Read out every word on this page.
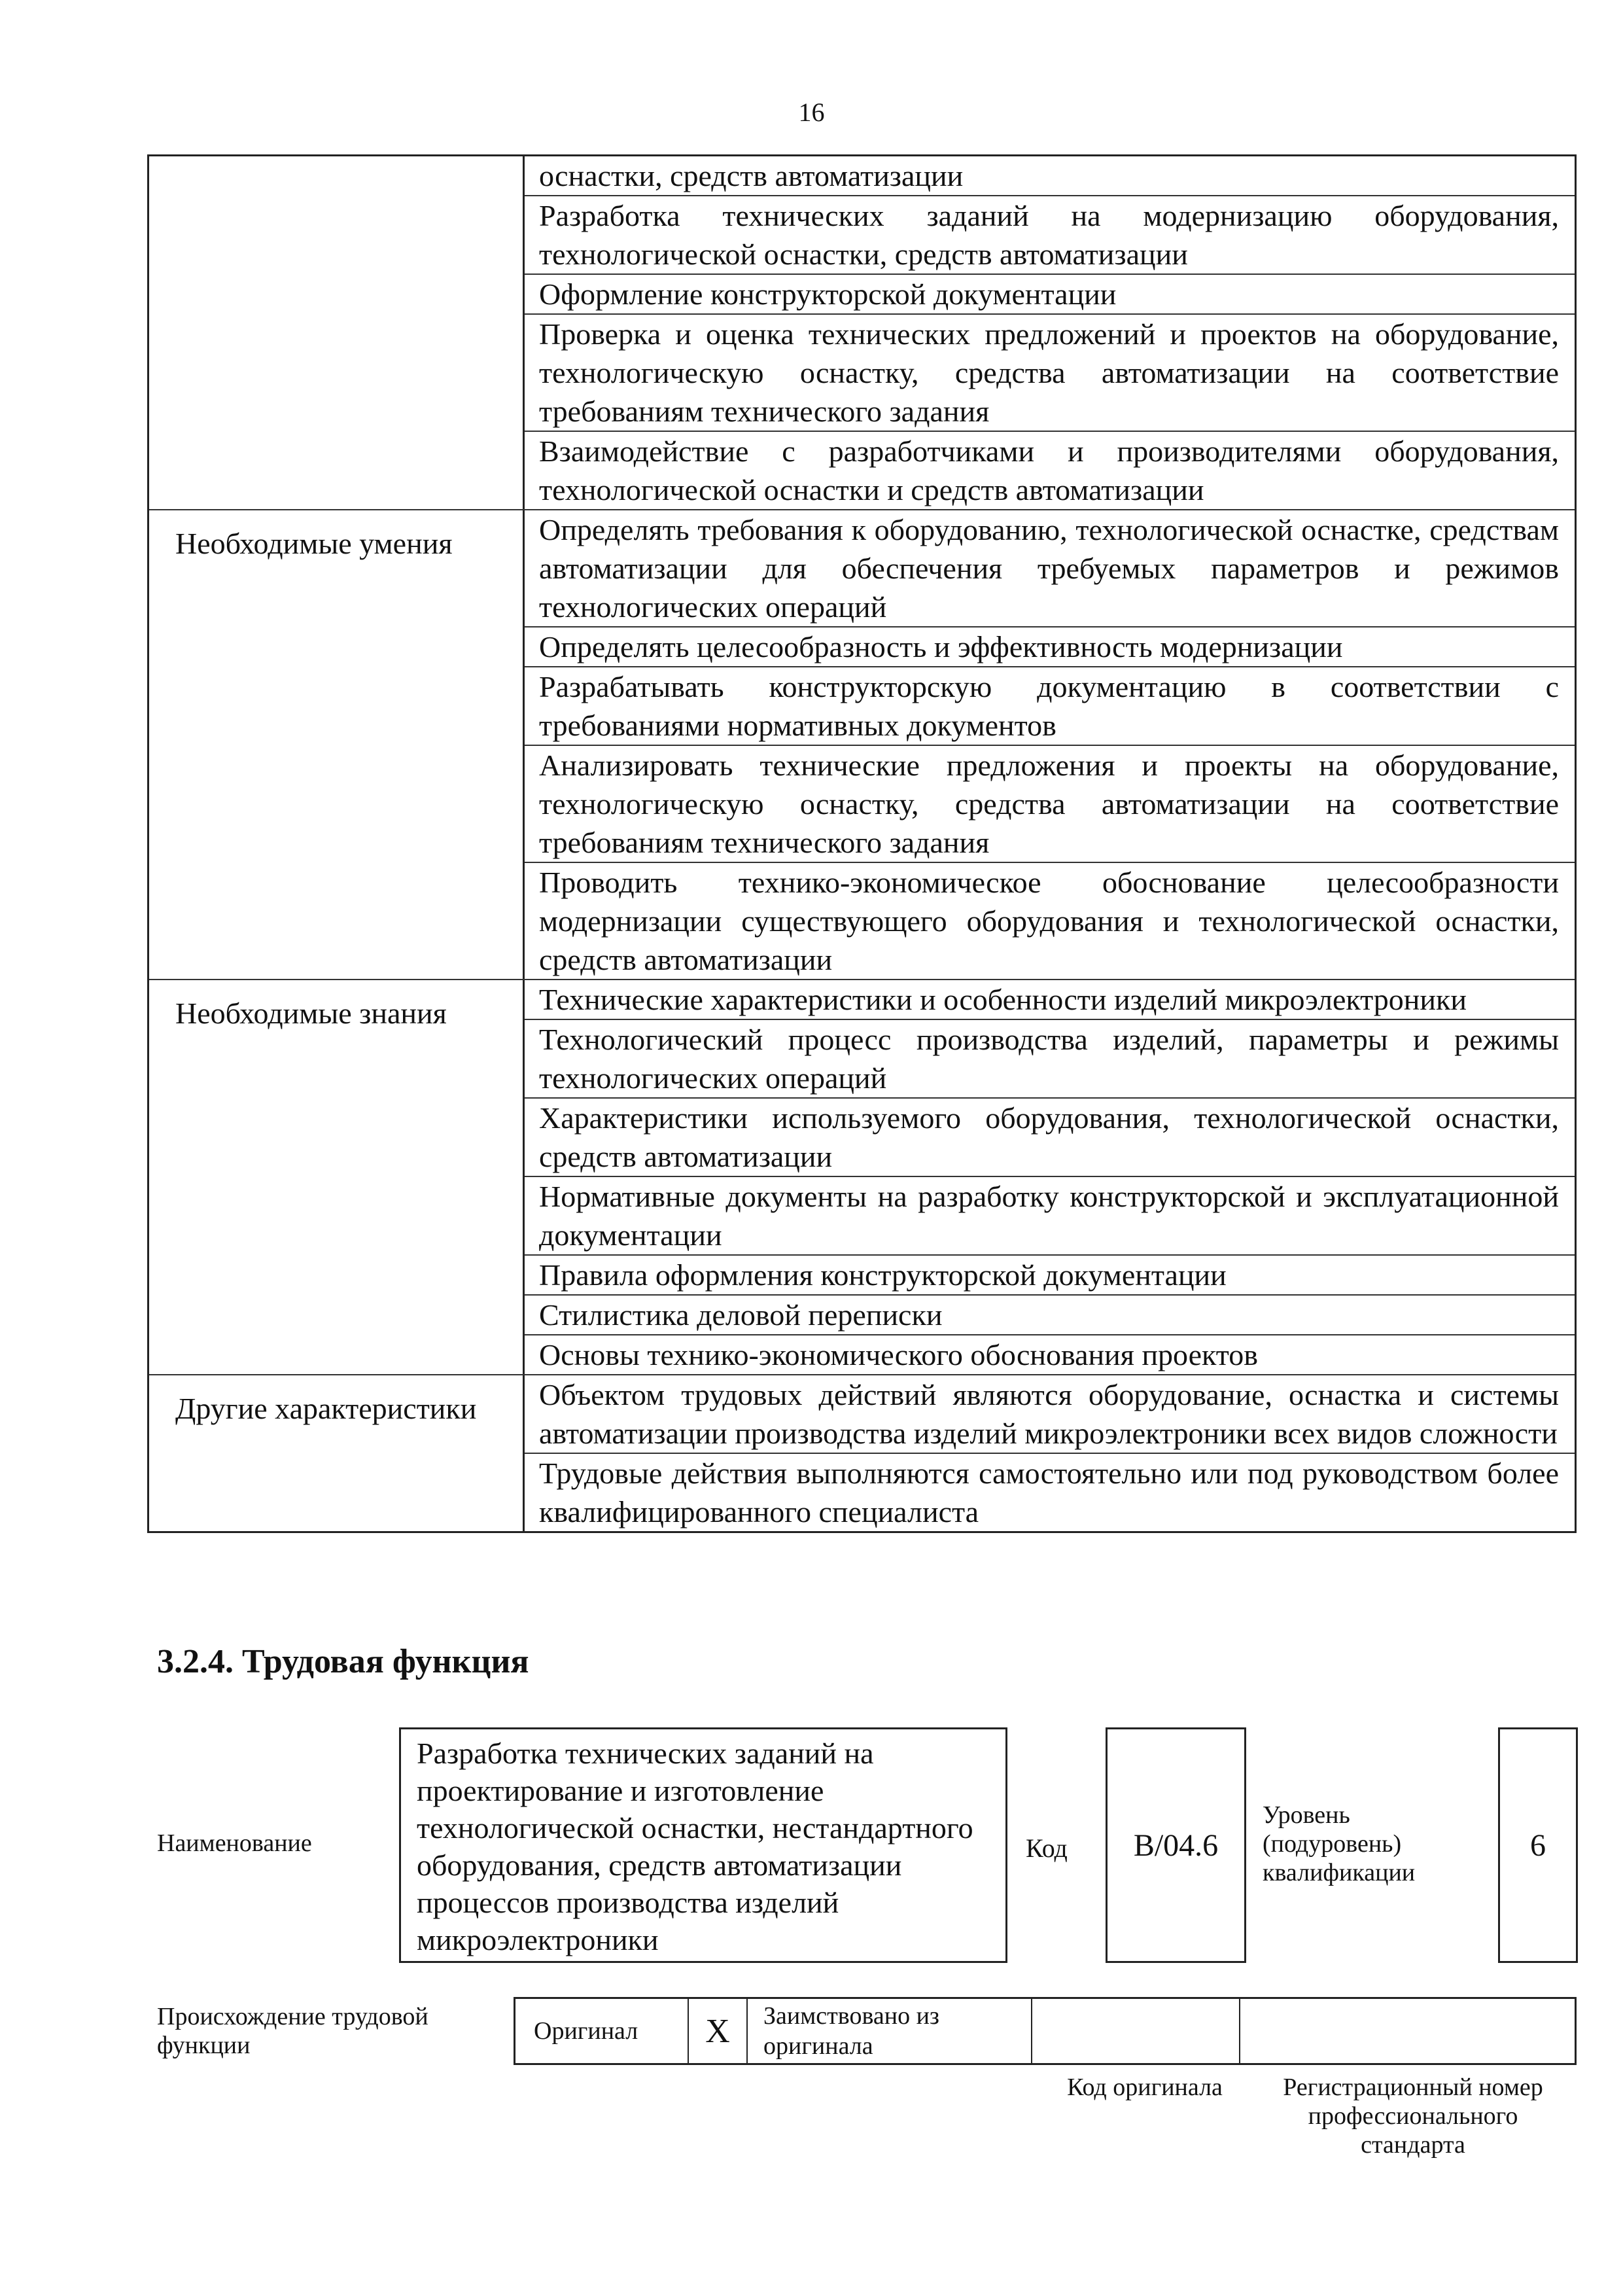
16
оснастки, средств автоматизации
Разработка технических заданий на модернизацию оборудования, технологической оснастки, средств автоматизации
Оформление конструкторской документации
Проверка и оценка технических предложений и проектов на оборудование, технологическую оснастку, средства автоматизации на соответствие требованиям технического задания
Взаимодействие с разработчиками и производителями оборудования, технологической оснастки и средств автоматизации
Необходимые умения	Определять требования к оборудованию, технологической оснастке, средствам автоматизации для обеспечения требуемых параметров и режимов технологических операций
Определять целесообразность и эффективность модернизации
Разрабатывать конструкторскую документацию в соответствии с требованиями нормативных документов
Анализировать технические предложения и проекты на оборудование, технологическую оснастку, средства автоматизации на соответствие требованиям технического задания
Проводить технико-экономическое обоснование целесообразности модернизации существующего оборудования и технологической оснастки, средств автоматизации
Необходимые знания	Технические характеристики и особенности изделий микроэлектроники
Технологический процесс производства изделий, параметры и режимы технологических операций
Характеристики используемого оборудования, технологической оснастки, средств автоматизации
Нормативные документы на разработку конструкторской и эксплуатационной документации
Правила оформления конструкторской документации
Стилистика деловой переписки
Основы технико-экономического обоснования проектов
Другие характеристики	Объектом трудовых действий являются оборудование, оснастка и системы автоматизации производства изделий микроэлектроники всех видов сложности
Трудовые действия выполняются самостоятельно или под руководством более квалифицированного специалиста
3.2.4. Трудовая функция
Наименование
Разработка технических заданий на проектирование и изготовление технологической оснастки, нестандартного оборудования, средств автоматизации процессов производства изделий микроэлектроники
Код	В/04.6
Уровень (подуровень) квалификации
6
Происхождение трудовой функции
Оригинал	X	Заимствовано из оригинала
Код оригинала	Регистрационный номер профессионального стандарта
